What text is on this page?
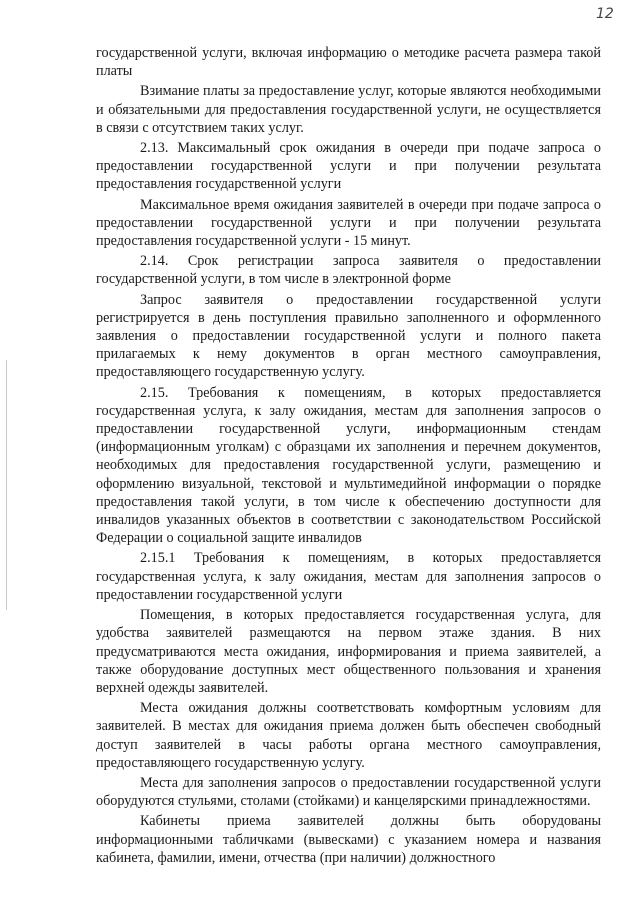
12

государственной услуги, включая информацию о методике расчета размера такой платы

Взимание платы за предоставление услуг, которые являются необходимыми и обязательными для предоставления государственной услуги, не осуществляется в связи с отсутствием таких услуг.

2.13. Максимальный срок ожидания в очереди при подаче запроса о предоставлении государственной услуги и при получении результата предоставления государственной услуги

Максимальное время ожидания заявителей в очереди при подаче запроса о предоставлении государственной услуги и при получении результата предоставления государственной услуги - 15 минут.

2.14. Срок регистрации запроса заявителя о предоставлении государственной услуги, в том числе в электронной форме

Запрос заявителя о предоставлении государственной услуги регистрируется в день поступления правильно заполненного и оформленного заявления о предоставлении государственной услуги и полного пакета прилагаемых к нему документов в орган местного самоуправления, предоставляющего государственную услугу.

2.15. Требования к помещениям, в которых предоставляется государственная услуга, к залу ожидания, местам для заполнения запросов о предоставлении государственной услуги, информационным стендам (информационным уголкам) с образцами их заполнения и перечнем документов, необходимых для предоставления государственной услуги, размещению и оформлению визуальной, текстовой и мультимедийной информации о порядке предоставления такой услуги, в том числе к обеспечению доступности для инвалидов указанных объектов в соответствии с законодательством Российской Федерации о социальной защите инвалидов

2.15.1 Требования к помещениям, в которых предоставляется государственная услуга, к залу ожидания, местам для заполнения запросов о предоставлении государственной услуги

Помещения, в которых предоставляется государственная услуга, для удобства заявителей размещаются на первом этаже здания. В них предусматриваются места ожидания, информирования и приема заявителей, а также оборудование доступных мест общественного пользования и хранения верхней одежды заявителей.

Места ожидания должны соответствовать комфортным условиям для заявителей. В местах для ожидания приема должен быть обеспечен свободный доступ заявителей в часы работы органа местного самоуправления, предоставляющего государственную услугу.

Места для заполнения запросов о предоставлении государственной услуги оборудуются стульями, столами (стойками) и канцелярскими принадлежностями.

Кабинеты приема заявителей должны быть оборудованы информационными табличками (вывесками) с указанием номера и названия кабинета, фамилии, имени, отчества (при наличии) должностного
